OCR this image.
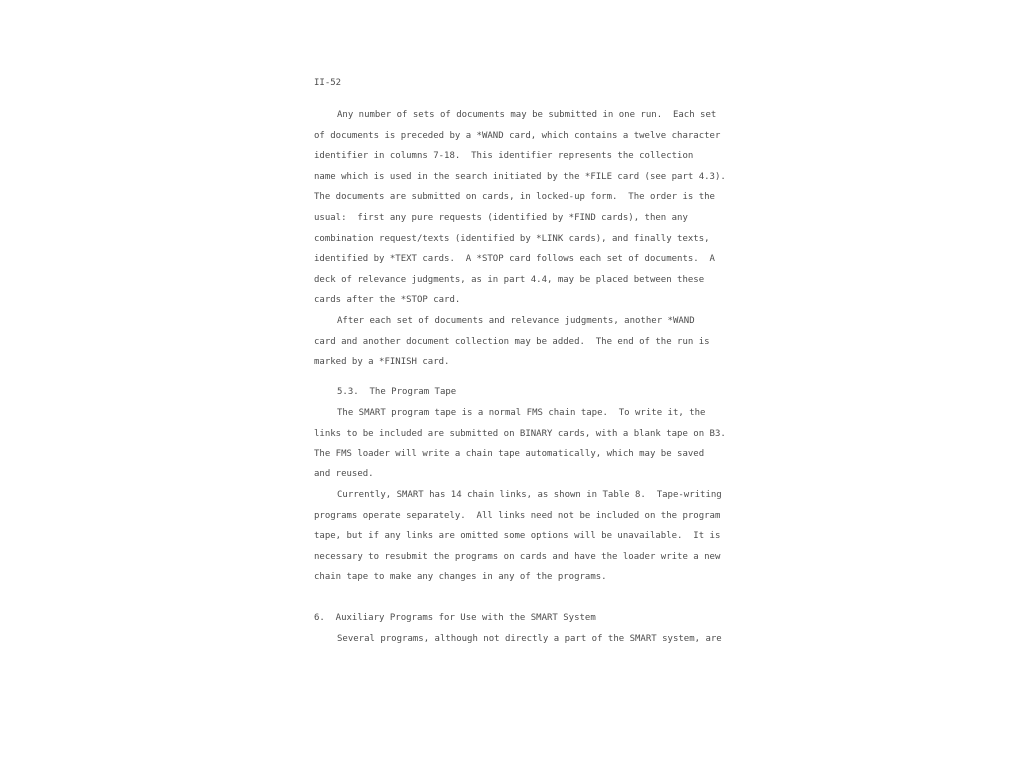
II-52
Any number of sets of documents may be submitted in one run.  Each set
of documents is preceded by a *WAND card, which contains a twelve character
identifier in columns 7-18.  This identifier represents the collection
name which is used in the search initiated by the *FILE card (see part 4.3).
The documents are submitted on cards, in locked-up form.  The order is the
usual:  first any pure requests (identified by *FIND cards), then any
combination request/texts (identified by *LINK cards), and finally texts,
identified by *TEXT cards.  A *STOP card follows each set of documents.  A
deck of relevance judgments, as in part 4.4, may be placed between these
cards after the *STOP card.
After each set of documents and relevance judgments, another *WAND
card and another document collection may be added.  The end of the run is
marked by a *FINISH card.
5.3.  The Program Tape
The SMART program tape is a normal FMS chain tape.  To write it, the
links to be included are submitted on BINARY cards, with a blank tape on B3.
The FMS loader will write a chain tape automatically, which may be saved
and reused.
Currently, SMART has 14 chain links, as shown in Table 8.  Tape-writing
programs operate separately.  All links need not be included on the program
tape, but if any links are omitted some options will be unavailable.  It is
necessary to resubmit the programs on cards and have the loader write a new
chain tape to make any changes in any of the programs.
6.  Auxiliary Programs for Use with the SMART System
Several programs, although not directly a part of the SMART system, are
